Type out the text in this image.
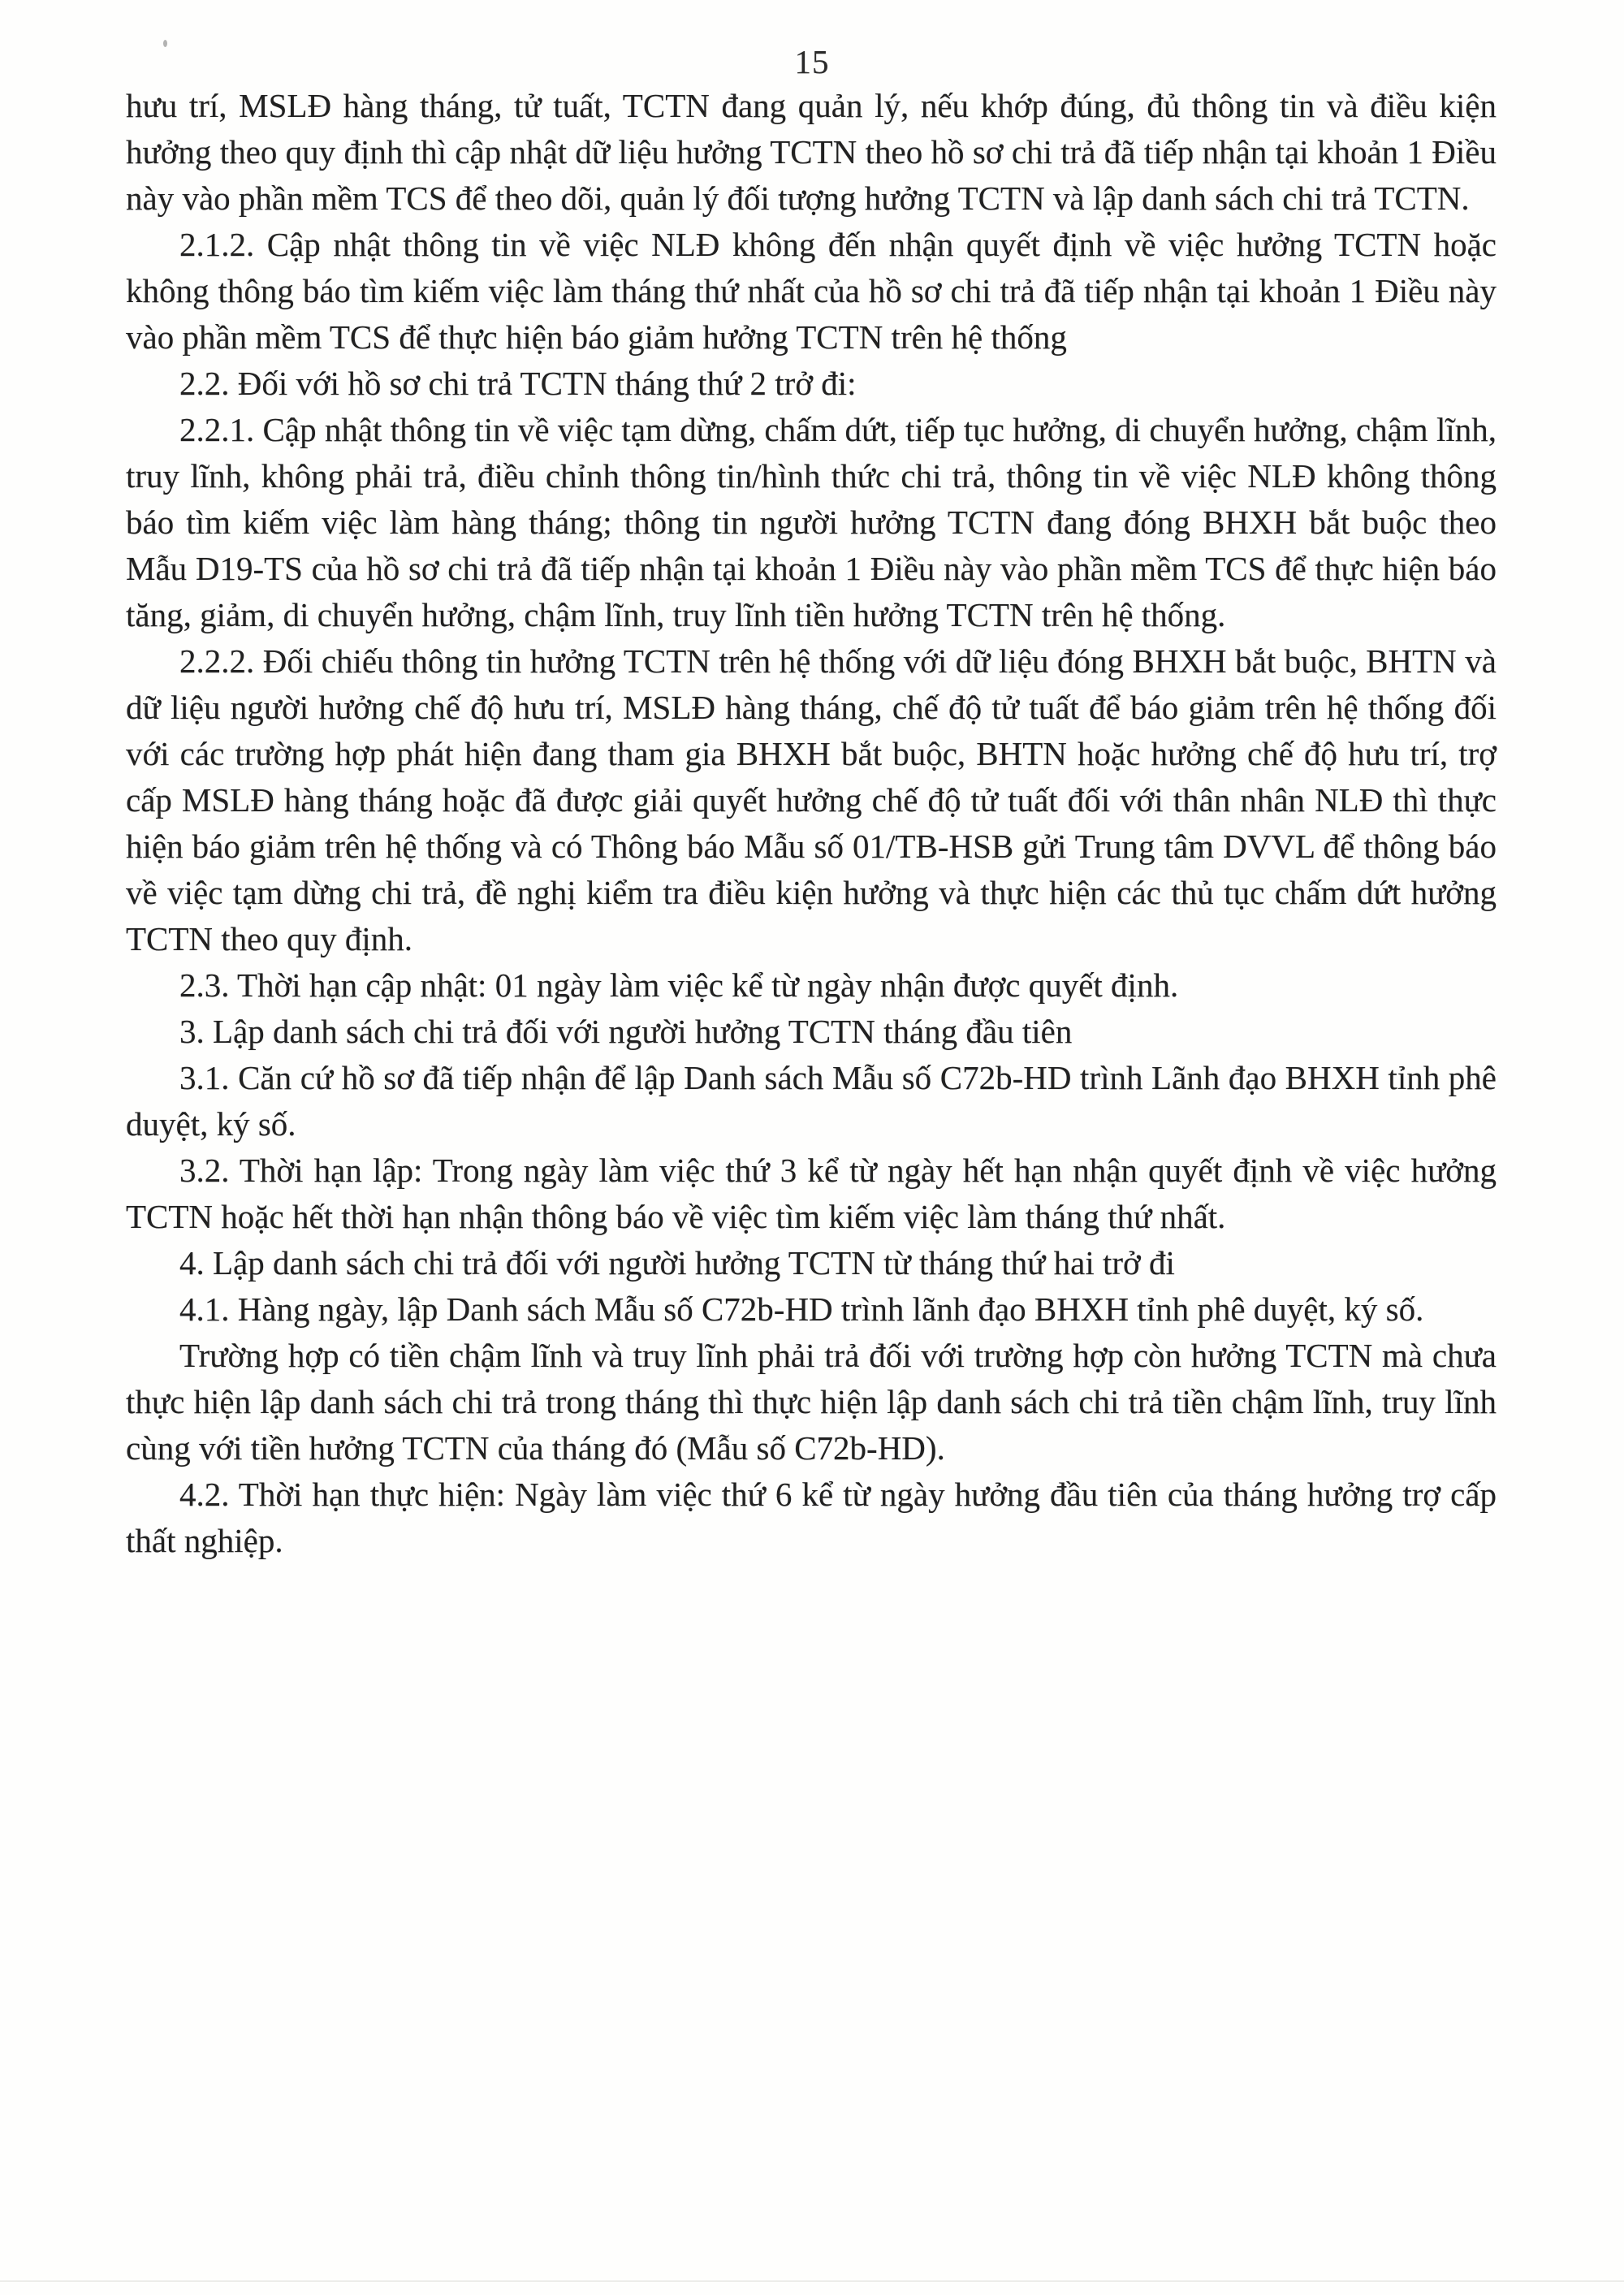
15

hưu trí, MSLĐ hàng tháng, tử tuất, TCTN đang quản lý, nếu khớp đúng, đủ thông tin và điều kiện hưởng theo quy định thì cập nhật dữ liệu hưởng TCTN theo hồ sơ chi trả đã tiếp nhận tại khoản 1 Điều này vào phần mềm TCS để theo dõi, quản lý đối tượng hưởng TCTN và lập danh sách chi trả TCTN.

2.1.2. Cập nhật thông tin về việc NLĐ không đến nhận quyết định về việc hưởng TCTN hoặc không thông báo tìm kiếm việc làm tháng thứ nhất của hồ sơ chi trả đã tiếp nhận tại khoản 1 Điều này vào phần mềm TCS để thực hiện báo giảm hưởng TCTN trên hệ thống

2.2. Đối với hồ sơ chi trả TCTN tháng thứ 2 trở đi:

2.2.1. Cập nhật thông tin về việc tạm dừng, chấm dứt, tiếp tục hưởng, di chuyển hưởng, chậm lĩnh, truy lĩnh, không phải trả, điều chỉnh thông tin/hình thức chi trả, thông tin về việc NLĐ không thông báo tìm kiếm việc làm hàng tháng; thông tin người hưởng TCTN đang đóng BHXH bắt buộc theo Mẫu D19-TS của hồ sơ chi trả đã tiếp nhận tại khoản 1 Điều này vào phần mềm TCS để thực hiện báo tăng, giảm, di chuyển hưởng, chậm lĩnh, truy lĩnh tiền hưởng TCTN trên hệ thống.

2.2.2. Đối chiếu thông tin hưởng TCTN trên hệ thống với dữ liệu đóng BHXH bắt buộc, BHTN và dữ liệu người hưởng chế độ hưu trí, MSLĐ hàng tháng, chế độ tử tuất để báo giảm trên hệ thống đối với các trường hợp phát hiện đang tham gia BHXH bắt buộc, BHTN hoặc hưởng chế độ hưu trí, trợ cấp MSLĐ hàng tháng hoặc đã được giải quyết hưởng chế độ tử tuất đối với thân nhân NLĐ thì thực hiện báo giảm trên hệ thống và có Thông báo Mẫu số 01/TB-HSB gửi Trung tâm DVVL để thông báo về việc tạm dừng chi trả, đề nghị kiểm tra điều kiện hưởng và thực hiện các thủ tục chấm dứt hưởng TCTN theo quy định.

2.3. Thời hạn cập nhật: 01 ngày làm việc kể từ ngày nhận được quyết định.

3. Lập danh sách chi trả đối với người hưởng TCTN tháng đầu tiên

3.1. Căn cứ hồ sơ đã tiếp nhận để lập Danh sách Mẫu số C72b-HD trình Lãnh đạo BHXH tỉnh phê duyệt, ký số.

3.2. Thời hạn lập: Trong ngày làm việc thứ 3 kể từ ngày hết hạn nhận quyết định về việc hưởng TCTN hoặc hết thời hạn nhận thông báo về việc tìm kiếm việc làm tháng thứ nhất.

4. Lập danh sách chi trả đối với người hưởng TCTN từ tháng thứ hai trở đi

4.1. Hàng ngày, lập Danh sách Mẫu số C72b-HD trình lãnh đạo BHXH tỉnh phê duyệt, ký số.

Trường hợp có tiền chậm lĩnh và truy lĩnh phải trả đối với trường hợp còn hưởng TCTN mà chưa thực hiện lập danh sách chi trả trong tháng thì thực hiện lập danh sách chi trả tiền chậm lĩnh, truy lĩnh cùng với tiền hưởng TCTN của tháng đó (Mẫu số C72b-HD).

4.2. Thời hạn thực hiện: Ngày làm việc thứ 6 kể từ ngày hưởng đầu tiên của tháng hưởng trợ cấp thất nghiệp.
